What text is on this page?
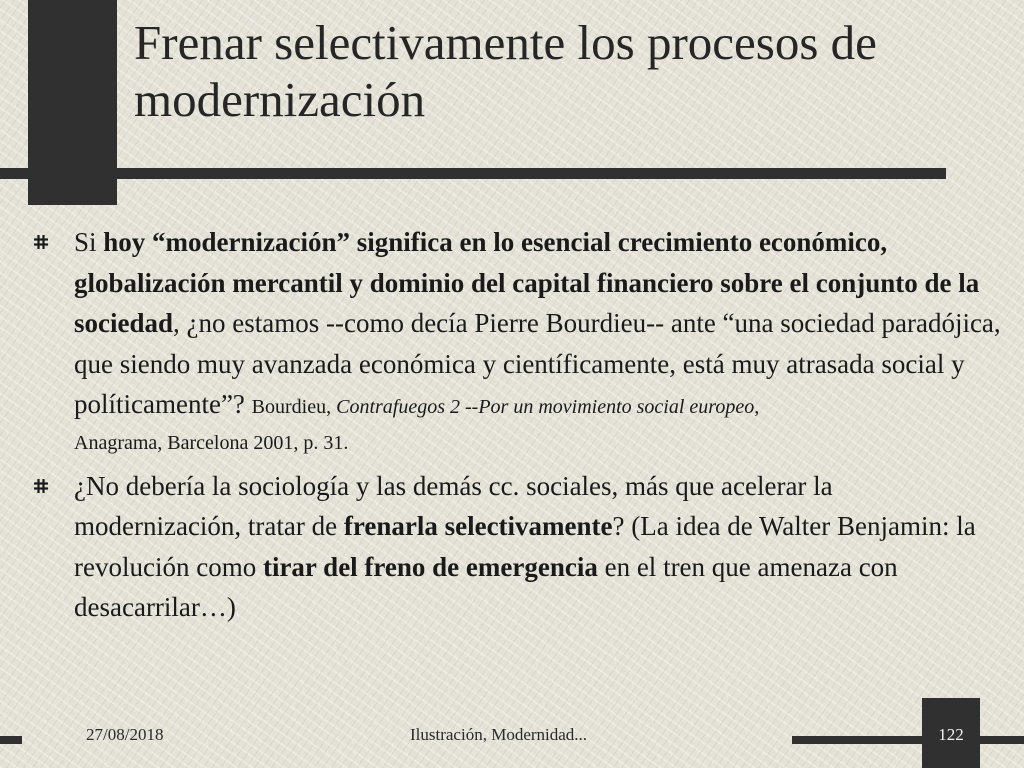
Frenar selectivamente los procesos de modernización
Si hoy “modernización” significa en lo esencial crecimiento económico, globalización mercantil y dominio del capital financiero sobre el conjunto de la sociedad, ¿no estamos --como decía Pierre Bourdieu-- ante “una sociedad paradójica, que siendo muy avanzada económica y científicamente, está muy atrasada social y políticamente”? Bourdieu, Contrafuegos 2 --Por un movimiento social europeo,
Anagrama, Barcelona 2001, p. 31.
¿No debería la sociología y las demás cc. sociales, más que acelerar la modernización, tratar de frenarla selectivamente? (La idea de Walter Benjamin: la revolución como tirar del freno de emergencia en el tren que amenaza con desacarrilar…)
27/08/2018	Ilustración, Modernidad...	122
